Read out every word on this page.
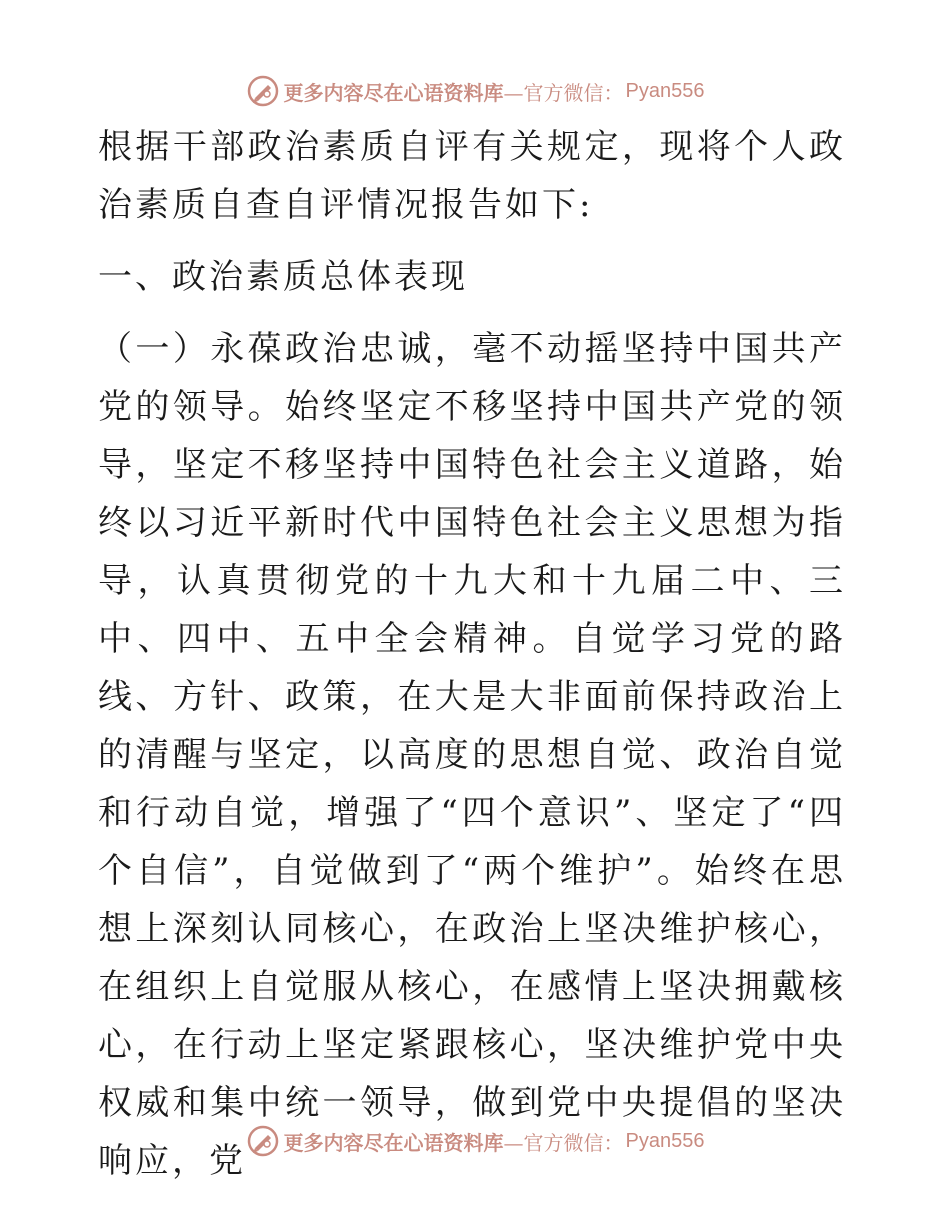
更多内容尽在心语资料库 —官方微信： Pyan556

根据干部政治素质自评有关规定，现将个人政治素质自查自评情况报告如下:

一、政治素质总体表现

（一）永葆政治忠诚，毫不动摇坚持中国共产党的领导。始终坚定不移坚持中国共产党的领导，坚定不移坚持中国特色社会主义道路，始终以习近平新时代中国特色社会主义思想为指导，认真贯彻党的十九大和十九届二中、三中、四中、五中全会精神。自觉学习党的路线、方针、政策，在大是大非面前保持政治上的清醒与坚定，以高度的思想自觉、政治自觉和行动自觉，增强了“四个意识”、坚定了“四个自信”，自觉做到了“两个维护”。始终在思想上深刻认同核心，在政治上坚决维护核心，在组织上自觉服从核心，在感情上坚决拥戴核心，在行动上坚定紧跟核心，坚决维护党中央权威和集中统一领导，做到党中央提倡的坚决响应，党	更多内容尽在心语资料库 —官方微信： Pyan556
